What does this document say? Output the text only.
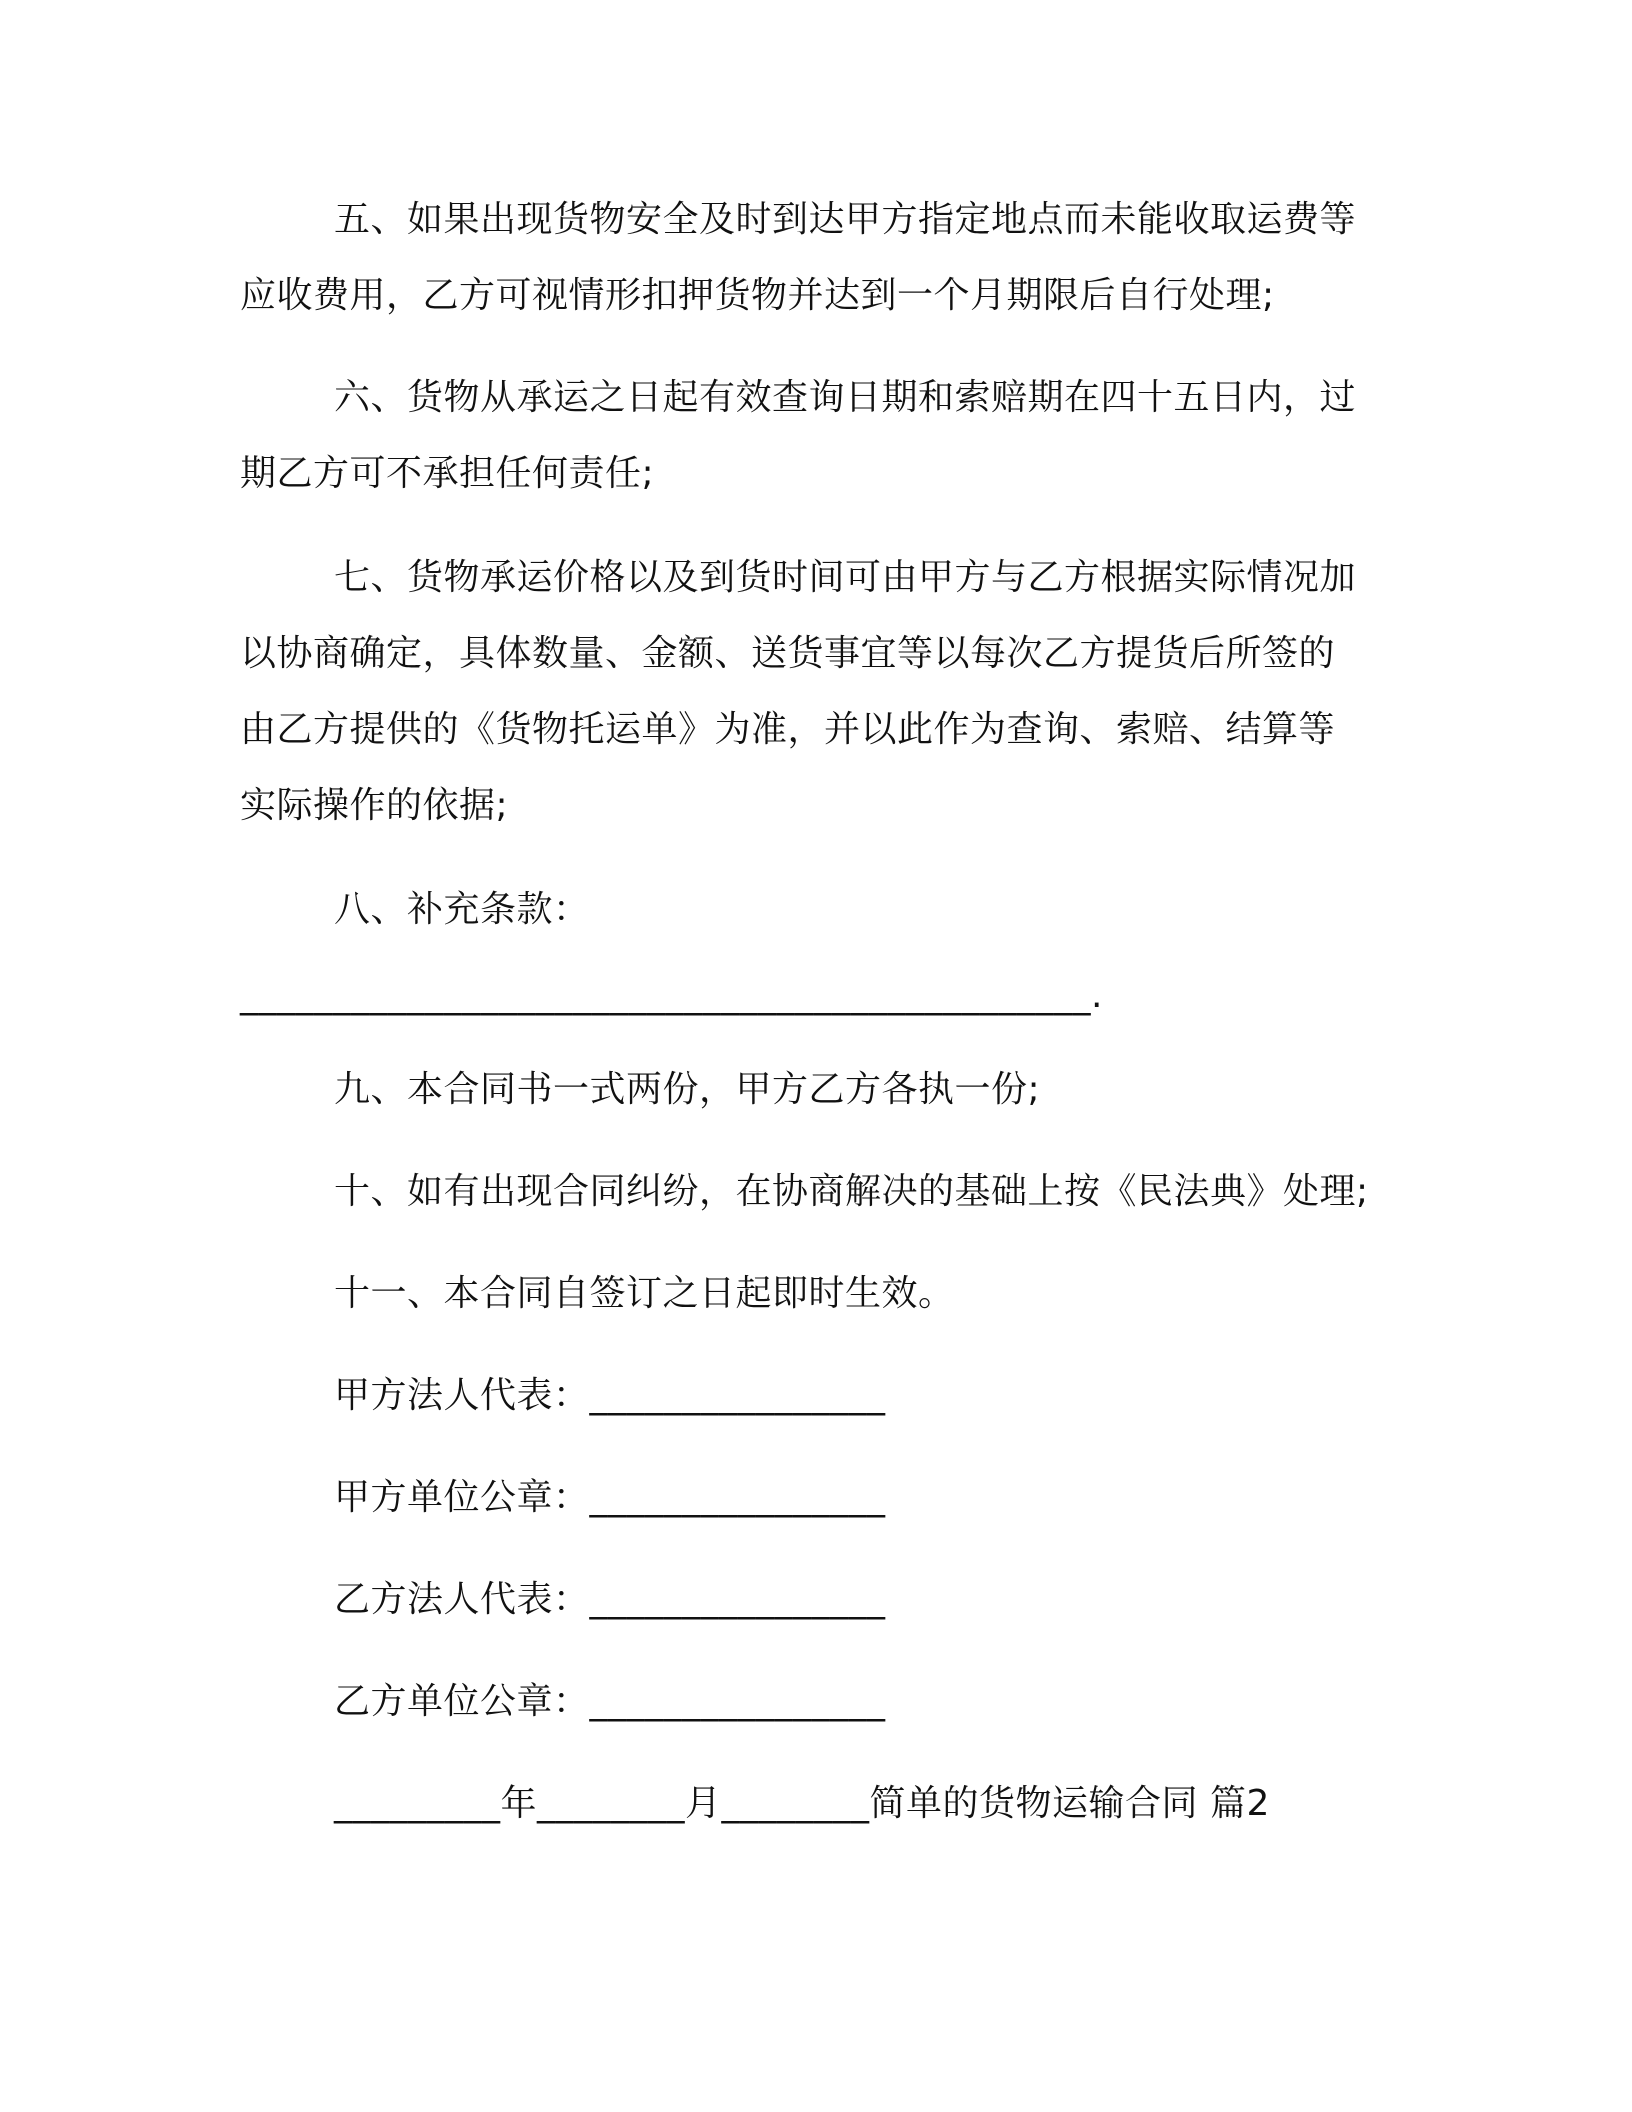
五、如果出现货物安全及时到达甲方指定地点而未能收取运费等
应收费用，乙方可视情形扣押货物并达到一个月期限后自行处理;
六、货物从承运之日起有效查询日期和索赔期在四十五日内，过
期乙方可不承担任何责任;
七、货物承运价格以及到货时间可由甲方与乙方根据实际情况加
以协商确定，具体数量、金额、送货事宜等以每次乙方提货后所签的
由乙方提供的《货物托运单》为准，并以此作为查询、索赔、结算等
实际操作的依据;
八、补充条款：
______________________________________________.
九、本合同书一式两份，甲方乙方各执一份;
十、如有出现合同纠纷，在协商解决的基础上按《民法典》处理;
十一、本合同自签订之日起即时生效。
甲方法人代表：________________
甲方单位公章：________________
乙方法人代表：________________
乙方单位公章：________________
_________年________月________简单的货物运输合同 篇2
